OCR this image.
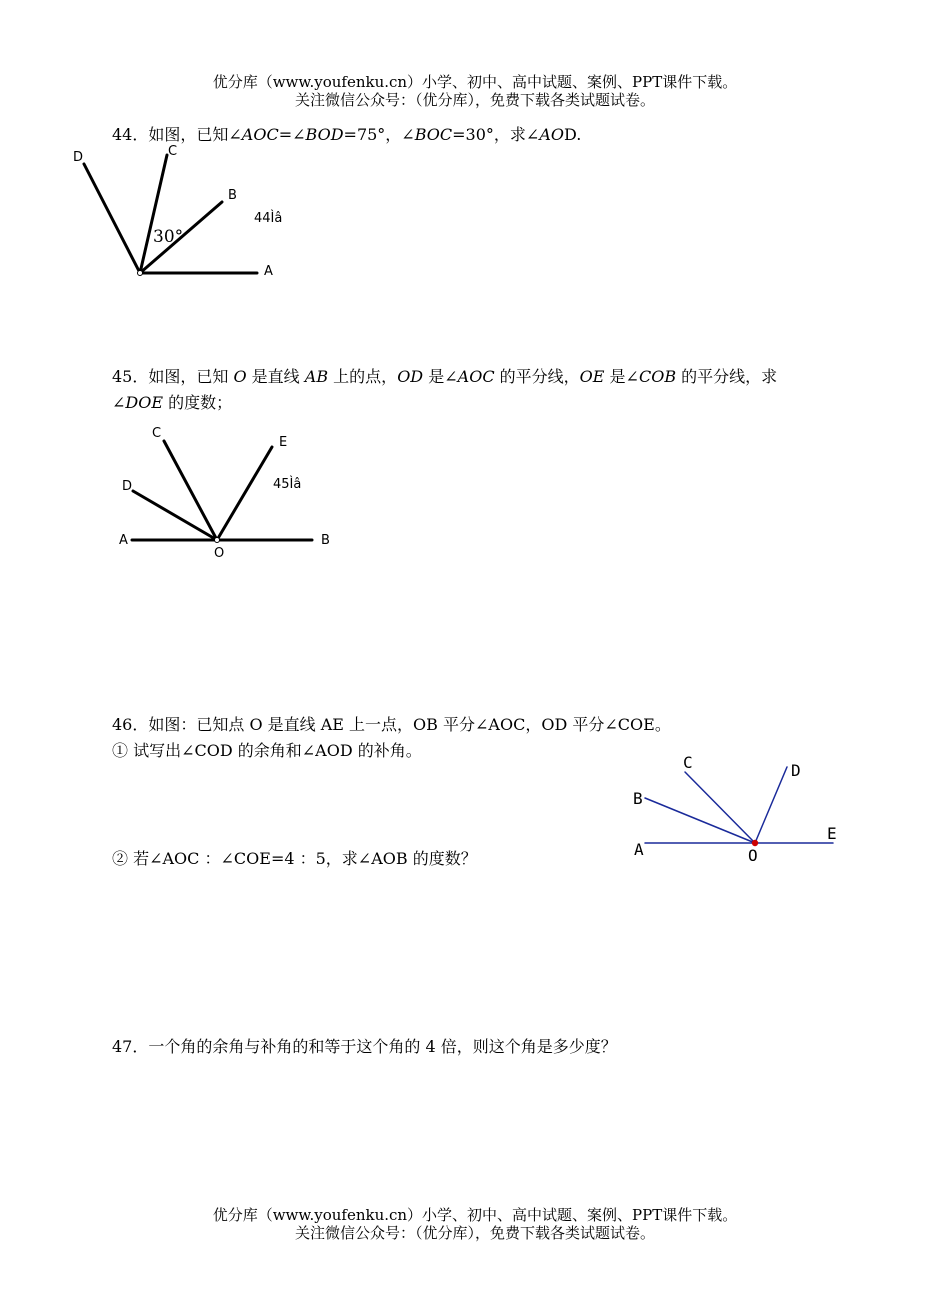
优分库（www.youfenku.cn）小学、初中、高中试题、案例、PPT课件下载。
关注微信公众号：（优分库），免费下载各类试题试卷。
44．如图，已知∠AOC=∠BOD=75°，∠BOC=30°，求∠AOD.
D	C
B
A
30°
44Ìâ
45．如图，已知 O 是直线 AB 上的点，OD 是∠AOC 的平分线，OE 是∠COB 的平分线，求
∠DOE 的度数；
C
E
D
A
O
B
45Ìâ
46．如图：已知点 O 是直线 AE 上一点，OB 平分∠AOC，OD 平分∠COE。
① 试写出∠COD 的余角和∠AOD 的补角。
② 若∠AOC ：∠COE=4 ：5，求∠AOB 的度数？
C	D
B
E
A	O
47．一个角的余角与补角的和等于这个角的 4 倍，则这个角是多少度？
优分库（www.youfenku.cn）小学、初中、高中试题、案例、PPT课件下载。
关注微信公众号：（优分库），免费下载各类试题试卷。
